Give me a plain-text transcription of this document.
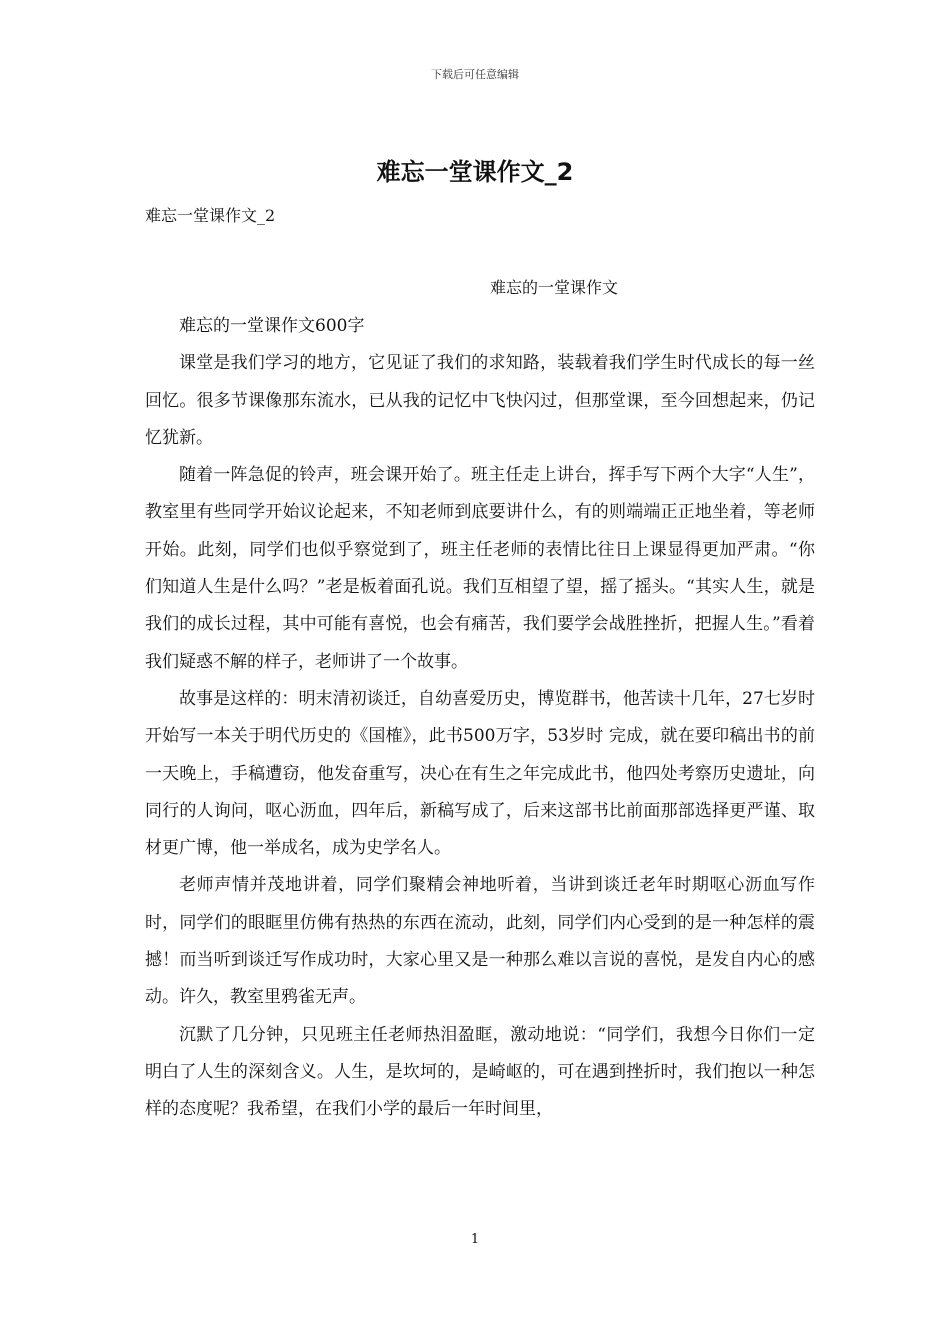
下载后可任意编辑
难忘一堂课作文_2
难忘一堂课作文_2
难忘的一堂课作文

难忘的一堂课作文600字

课堂是我们学习的地方，它见证了我们的求知路，装载着我们学生时代成长的每一丝回忆。很多节课像那东流水，已从我的记忆中飞快闪过，但那堂课，至今回想起来，仍记忆犹新。

随着一阵急促的铃声，班会课开始了。班主任走上讲台，挥手写下两个大字“人生”，教室里有些同学开始议论起来，不知老师到底要讲什么，有的则端端正正地坐着，等老师开始。此刻，同学们也似乎察觉到了，班主任老师的表情比往日上课显得更加严肃。“你们知道人生是什么吗？”老是板着面孔说。我们互相望了望，摇了摇头。“其实人生，就是我们的成长过程，其中可能有喜悦，也会有痛苦，我们要学会战胜挫折，把握人生。”看着我们疑惑不解的样子，老师讲了一个故事。

故事是这样的：明末清初谈迁，自幼喜爱历史，博览群书，他苦读十几年，27七岁时开始写一本关于明代历史的《国榷》，此书500万字，53岁时 完成，就在要印稿出书的前一天晚上，手稿遭窃，他发奋重写，决心在有生之年完成此书，他四处考察历史遗址，向同行的人询问，呕心沥血，四年后，新稿写成了，后来这部书比前面那部选择更严谨、取材更广博，他一举成名，成为史学名人。

老师声情并茂地讲着，同学们聚精会神地听着，当讲到谈迁老年时期呕心沥血写作时，同学们的眼眶里仿佛有热热的东西在流动，此刻，同学们内心受到的是一种怎样的震撼！而当听到谈迁写作成功时，大家心里又是一种那么难以言说的喜悦，是发自内心的感动。许久，教室里鸦雀无声。

沉默了几分钟，只见班主任老师热泪盈眶，激动地说：“同学们，我想今日你们一定明白了人生的深刻含义。人生，是坎坷的，是崎岖的，可在遇到挫折时，我们抱以一种怎样的态度呢？我希望，在我们小学的最后一年时间里，

1
